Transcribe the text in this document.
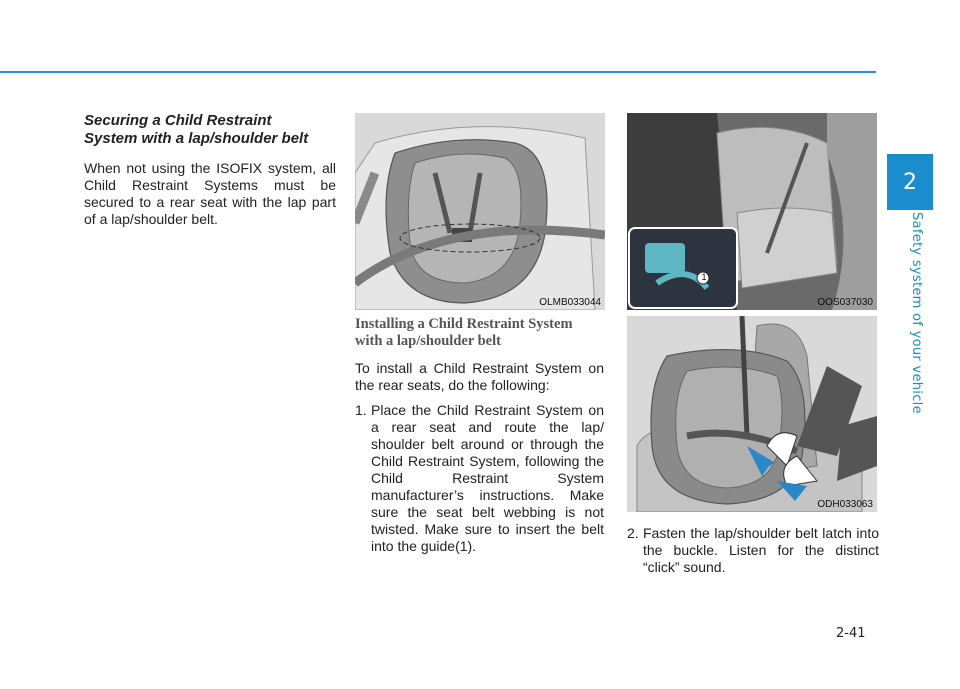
2
Safety system of your vehicle
Securing a Child Restraint
System with a lap/shoulder belt

When not using the ISOFIX system, all Child Restraint Systems must be secured to a rear seat with the lap part of a lap/shoulder belt.

OLMB033044
1
OOS037030
Installing a Child Restraint System
with a lap/shoulder belt

To install a Child Restraint System on the rear seats, do the following:

1. Place the Child Restraint System on a rear seat and route the lap/ shoulder belt around or through the Child Restraint System, following the Child Restraint System manufacturer’s instructions. Make sure the seat belt webbing is not twisted. Make sure to insert the belt into the guide(1).
ODH033063
2. Fasten the lap/shoulder belt latch into the buckle. Listen for the distinct “click” sound.
2-41
